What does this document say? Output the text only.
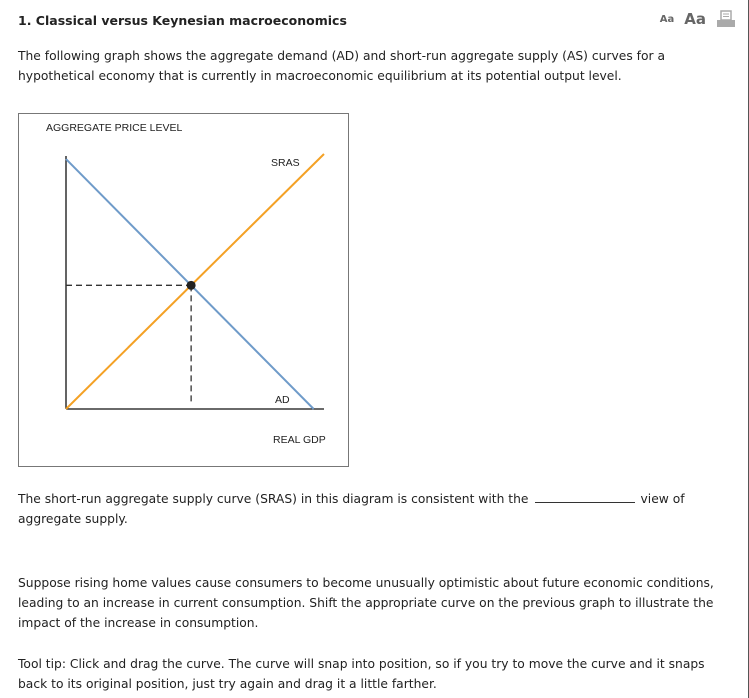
1. Classical versus Keynesian macroeconomics	Aa Aa
The following graph shows the aggregate demand (AD) and short-run aggregate supply (AS) curves for a hypothetical economy that is currently in macroeconomic equilibrium at its potential output level.
AGGREGATE PRICE LEVEL
REAL GDP
SRAS
AD
The short-run aggregate supply curve (SRAS) in this diagram is consistent with the	view of aggregate supply.
Suppose rising home values cause consumers to become unusually optimistic about future economic conditions, leading to an increase in current consumption. Shift the appropriate curve on the previous graph to illustrate the impact of the increase in consumption.
Tool tip: Click and drag the curve. The curve will snap into position, so if you try to move the curve and it snaps back to its original position, just try again and drag it a little farther.
